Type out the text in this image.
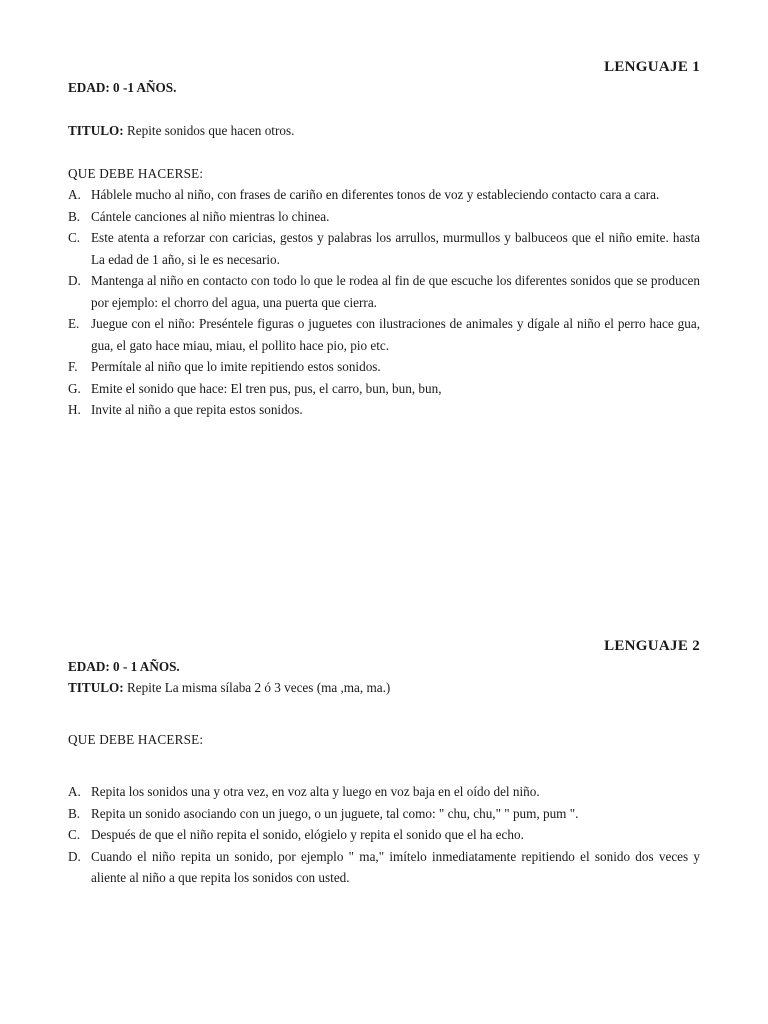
LENGUAJE 1
EDAD: 0 -1 AÑOS.
TITULO: Repite sonidos que hacen otros.
QUE DEBE HACERSE:
A. Háblele mucho al niño, con frases de cariño en diferentes tonos de voz y estableciendo contacto cara a cara.
B. Cántele canciones al niño mientras lo chinea.
C. Este atenta a reforzar con caricias, gestos y palabras los arrullos, murmullos y balbuceos que el niño emite. hasta La edad de 1 año, si le es necesario.
D. Mantenga al niño en contacto con todo lo que le rodea al fin de que escuche los diferentes sonidos que se producen por ejemplo: el chorro del agua, una puerta que cierra.
E. Juegue con el niño: Preséntele figuras o juguetes con ilustraciones de animales y dígale al niño el perro hace gua, gua, el gato hace miau, miau, el pollito hace pio, pio etc.
F.	Permítale al niño que lo imite repitiendo estos sonidos.
G. Emite el sonido que hace: El tren pus, pus, el carro, bun, bun, bun,
H. Invite al niño a que repita estos sonidos.
LENGUAJE 2
EDAD: 0 - 1 AÑOS.
TITULO: Repite La misma sílaba 2 ó 3 veces (ma ,ma, ma.)
QUE DEBE HACERSE:
A. Repita los sonidos una y otra vez, en voz alta y luego en voz baja en el oído del niño.
B. Repita un sonido asociando con un juego, o un juguete, tal como: " chu, chu," " pum, pum ".
C. Después de que el niño repita el sonido, elógielo y repita el sonido que el ha echo.
D. Cuando el niño repita un sonido, por ejemplo " ma," imítelo inmediatamente repitiendo el sonido dos veces y aliente al niño a que repita los sonidos con usted.
